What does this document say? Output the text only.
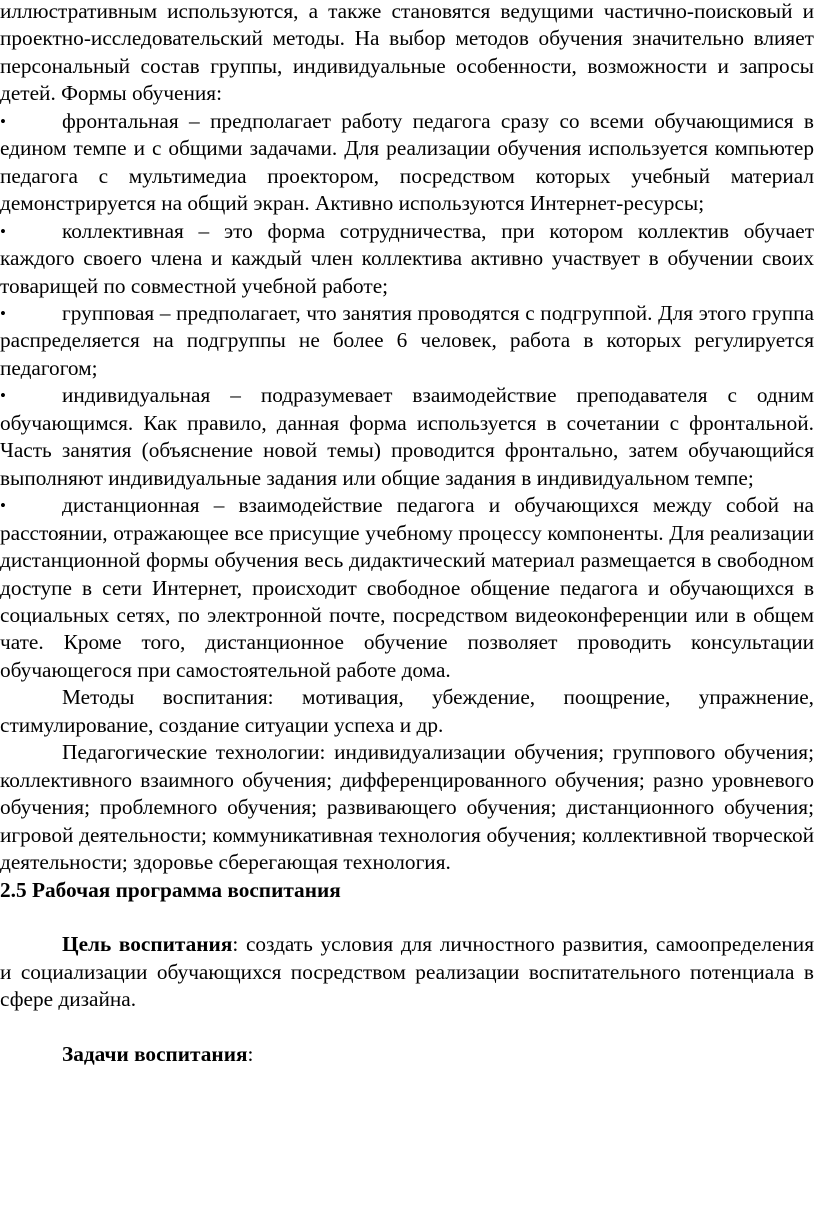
иллюстративным используются, а также становятся ведущими частично-поисковый и проектно-исследовательский методы. На выбор методов обучения значительно влияет персональный состав группы, индивидуальные особенности, возможности и запросы детей. Формы обучения:

•	фронтальная – предполагает работу педагога сразу со всеми обучающимися в едином темпе и с общими задачами. Для реализации обучения используется компьютер педагога с мультимедиа проектором, посредством которых учебный материал демонстрируется на общий экран. Активно используются Интернет-ресурсы;

•	коллективная – это форма сотрудничества, при котором коллектив обучает каждого своего члена и каждый член коллектива активно участвует в обучении своих товарищей по совместной учебной работе;

•	групповая – предполагает, что занятия проводятся с подгруппой. Для этого группа распределяется на подгруппы не более 6 человек, работа в которых регулируется педагогом;

•	индивидуальная – подразумевает взаимодействие преподавателя с одним обучающимся. Как правило, данная форма используется в сочетании с фронтальной. Часть занятия (объяснение новой темы) проводится фронтально, затем обучающийся выполняют индивидуальные задания или общие задания в индивидуальном темпе;

•	дистанционная – взаимодействие педагога и обучающихся между собой на расстоянии, отражающее все присущие учебному процессу компоненты. Для реализации дистанционной формы обучения весь дидактический материал размещается в свободном доступе в сети Интернет, происходит свободное общение педагога и обучающихся в социальных сетях, по электронной почте, посредством видеоконференции или в общем чате. Кроме того, дистанционное обучение позволяет проводить консультации обучающегося при самостоятельной работе дома.

Методы воспитания: мотивация, убеждение, поощрение, упражнение, стимулирование, создание ситуации успеха и др.

Педагогические технологии: индивидуализации обучения; группового обучения; коллективного взаимного обучения; дифференцированного обучения; разно уровневого обучения; проблемного обучения; развивающего обучения; дистанционного обучения; игровой деятельности; коммуникативная технология обучения; коллективной творческой деятельности; здоровье сберегающая технология.

2.5 Рабочая программа воспитания

Цель воспитания: создать условия для личностного развития, самоопределения и социализации обучающихся посредством реализации воспитательного потенциала в сфере дизайна.

Задачи воспитания:
